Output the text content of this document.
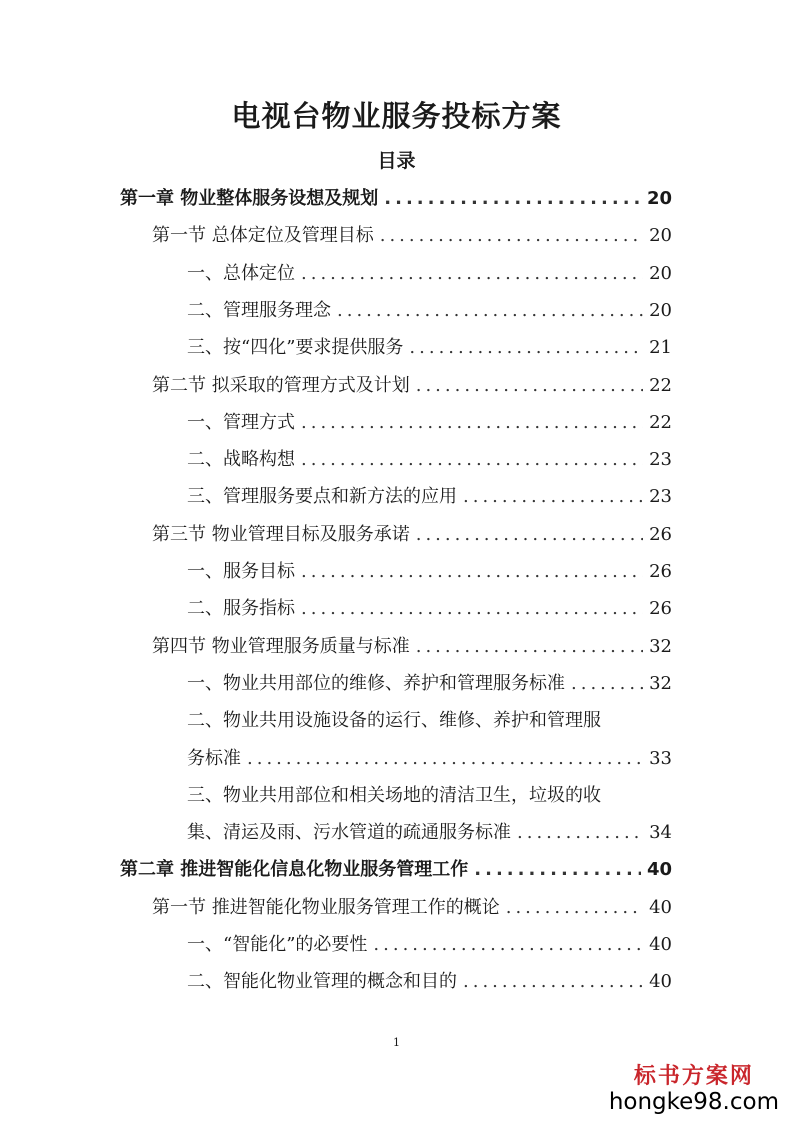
电视台物业服务投标方案
目录
第一章 物业整体服务设想及规划 .....	20
第一节 总体定位及管理目标 .....	20
一、总体定位 .....	20
二、管理服务理念 .....	20
三、按“四化”要求提供服务 .....	21
第二节 拟采取的管理方式及计划 .....	22
一、管理方式 .....	22
二、战略构想 .....	23
三、管理服务要点和新方法的应用 .....	23
第三节 物业管理目标及服务承诺 .....	26
一、服务目标 .....	26
二、服务指标 .....	26
第四节 物业管理服务质量与标准 .....	32
一、物业共用部位的维修、养护和管理服务标准 .....	32
二、物业共用设施设备的运行、维修、养护和管理服
务标准 .....	33
三、物业共用部位和相关场地的清洁卫生，垃圾的收
集、清运及雨、污水管道的疏通服务标准 .....	34
第二章 推进智能化信息化物业服务管理工作 .....	40
第一节 推进智能化物业服务管理工作的概论 .....	40
一、“智能化”的必要性 .....	40
二、智能化物业管理的概念和目的 .....	40
1
标书方案网
hongke98.com
